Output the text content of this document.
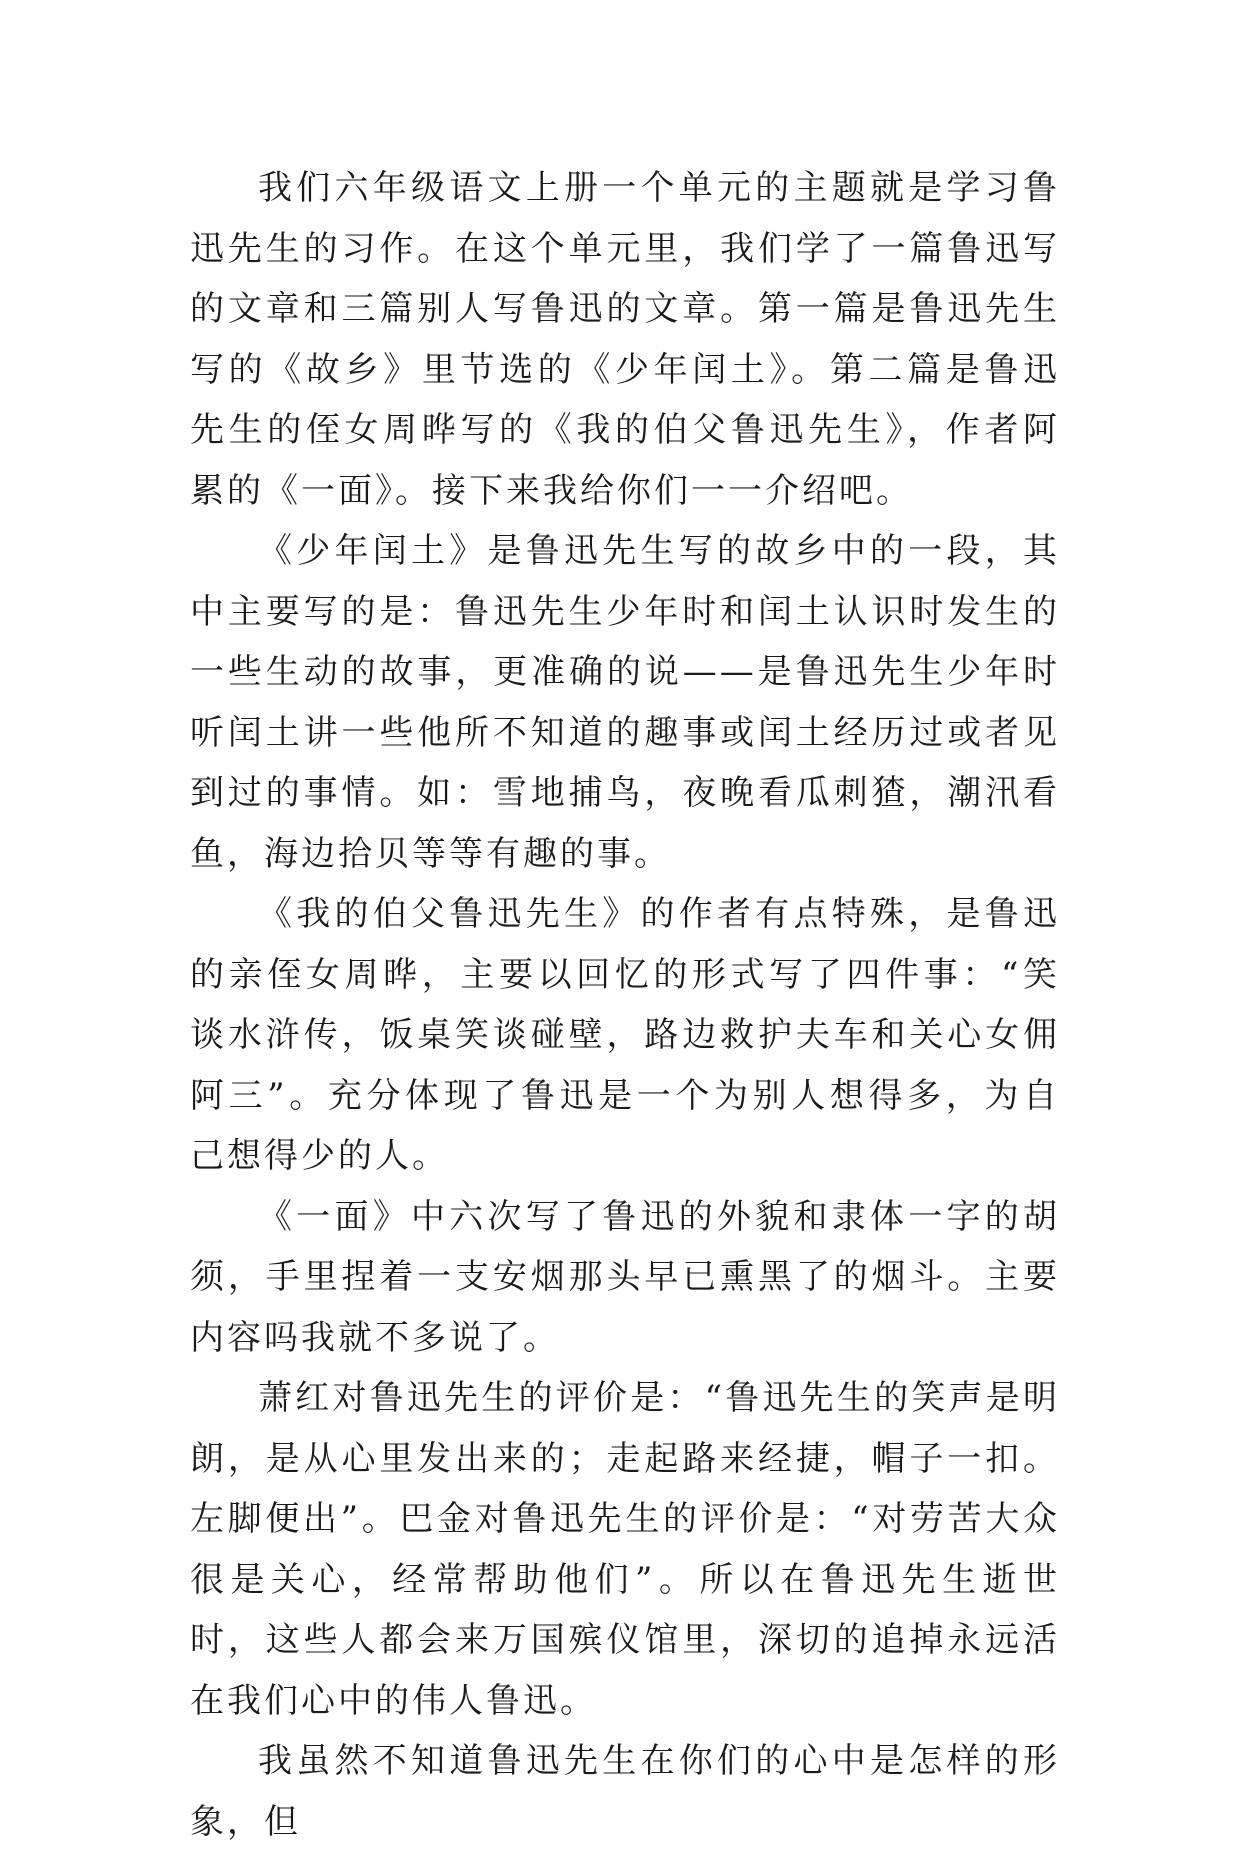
我们六年级语文上册一个单元的主题就是学习鲁迅先生的习作。在这个单元里，我们学了一篇鲁迅写的文章和三篇别人写鲁迅的文章。第一篇是鲁迅先生写的《故乡》里节选的《少年闰土》。第二篇是鲁迅先生的侄女周晔写的《我的伯父鲁迅先生》，作者阿累的《一面》。接下来我给你们一一介绍吧。

《少年闰土》是鲁迅先生写的故乡中的一段，其中主要写的是：鲁迅先生少年时和闰土认识时发生的一些生动的故事，更准确的说——是鲁迅先生少年时听闰土讲一些他所不知道的趣事或闰土经历过或者见到过的事情。如：雪地捕鸟，夜晚看瓜刺猹，潮汛看鱼，海边拾贝等等有趣的事。

《我的伯父鲁迅先生》的作者有点特殊，是鲁迅的亲侄女周晔，主要以回忆的形式写了四件事：“笑谈水浒传，饭桌笑谈碰壁，路边救护夫车和关心女佣阿三”。充分体现了鲁迅是一个为别人想得多，为自己想得少的人。

《一面》中六次写了鲁迅的外貌和隶体一字的胡须，手里捏着一支安烟那头早已熏黑了的烟斗。主要内容吗我就不多说了。

萧红对鲁迅先生的评价是：“鲁迅先生的笑声是明朗，是从心里发出来的；走起路来经捷，帽子一扣。左脚便出”。巴金对鲁迅先生的评价是：“对劳苦大众很是关心，经常帮助他们”。所以在鲁迅先生逝世时，这些人都会来万国殡仪馆里，深切的追掉永远活在我们心中的伟人鲁迅。

我虽然不知道鲁迅先生在你们的心中是怎样的形象，但
